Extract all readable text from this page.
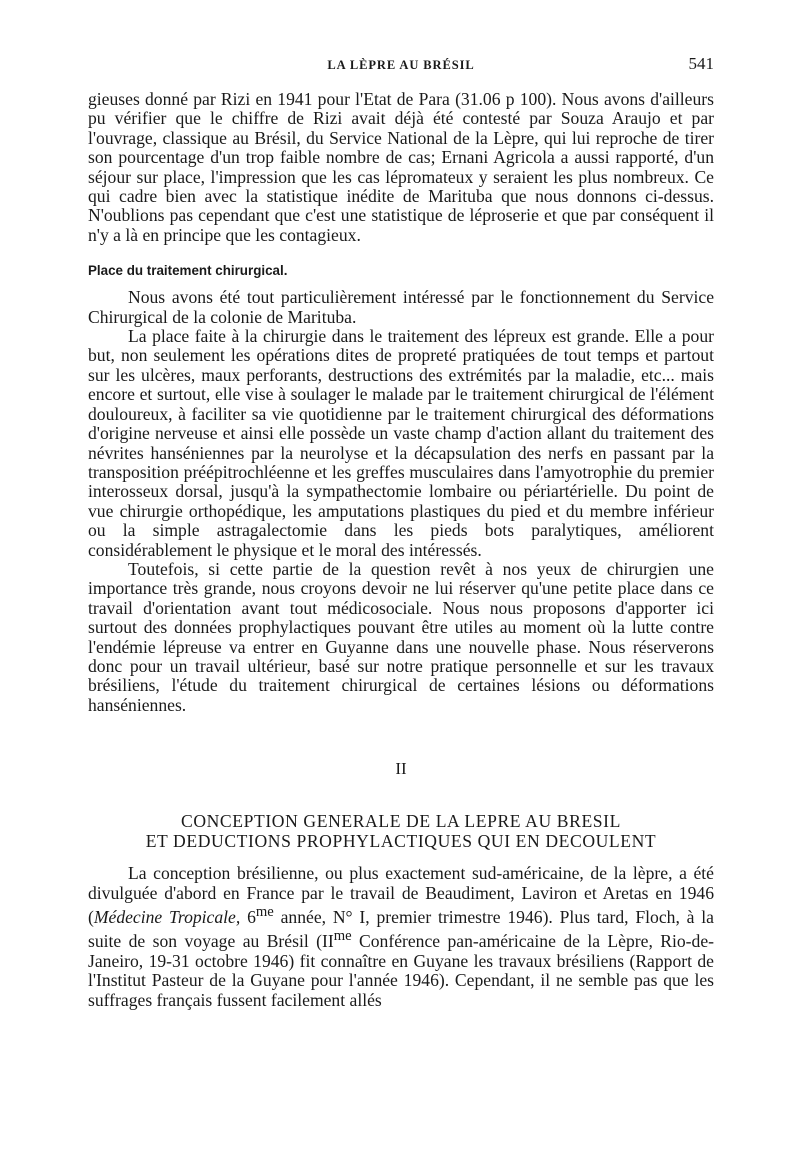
LA LÈPRE AU BRÉSIL	541

gieuses donné par Rizi en 1941 pour l'Etat de Para (31.06 p 100). Nous avons d'ailleurs pu vérifier que le chiffre de Rizi avait déjà été contesté par Souza Araujo et par l'ouvrage, classique au Brésil, du Service National de la Lèpre, qui lui reproche de tirer son pourcentage d'un trop faible nombre de cas; Ernani Agricola a aussi rapporté, d'un séjour sur place, l'impression que les cas lépromateux y seraient les plus nombreux. Ce qui cadre bien avec la statistique inédite de Marituba que nous donnons ci-dessus. N'oublions pas cependant que c'est une statistique de léproserie et que par conséquent il n'y a là en principe que les contagieux.

Place du traitement chirurgical.

Nous avons été tout particulièrement intéressé par le fonctionnement du Service Chirurgical de la colonie de Marituba.

La place faite à la chirurgie dans le traitement des lépreux est grande. Elle a pour but, non seulement les opérations dites de propreté pratiquées de tout temps et partout sur les ulcères, maux perforants, destructions des extrémités par la maladie, etc... mais encore et surtout, elle vise à soulager le malade par le traitement chirurgical de l'élément douloureux, à faciliter sa vie quotidienne par le traitement chirurgical des déformations d'origine nerveuse et ainsi elle possède un vaste champ d'action allant du traitement des névrites hanséniennes par la neurolyse et la décapsulation des nerfs en passant par la transposition préépitrochléenne et les greffes musculaires dans l'amyotrophie du premier interosseux dorsal, jusqu'à la sympathectomie lombaire ou périartérielle. Du point de vue chirurgie orthopédique, les amputations plastiques du pied et du membre inférieur ou la simple astragalectomie dans les pieds bots paralytiques, améliorent considérablement le physique et le moral des intéressés.

Toutefois, si cette partie de la question revêt à nos yeux de chirurgien une importance très grande, nous croyons devoir ne lui réserver qu'une petite place dans ce travail d'orientation avant tout médicosociale. Nous nous proposons d'apporter ici surtout des données prophylactiques pouvant être utiles au moment où la lutte contre l'endémie lépreuse va entrer en Guyanne dans une nouvelle phase. Nous réserverons donc pour un travail ultérieur, basé sur notre pratique personnelle et sur les travaux brésiliens, l'étude du traitement chirurgical de certaines lésions ou déformations hanséniennes.

II
CONCEPTION GENERALE DE LA LEPRE AU BRESIL
ET DEDUCTIONS PROPHYLACTIQUES QUI EN DECOULENT

La conception brésilienne, ou plus exactement sud-américaine, de la lèpre, a été divulguée d'abord en France par le travail de Beaudiment, Laviron et Aretas en 1946 (Médecine Tropicale, $6^{me}$ année, N° I, premier trimestre 1946). Plus tard, Floch, à la suite de son voyage au Brésil ($II^{me}$ Conférence pan-américaine de la Lèpre, Rio-de-Janeiro, 19-31 octobre 1946) fit connaître en Guyane les travaux brésiliens (Rapport de l'Institut Pasteur de la Guyane pour l'année 1946). Cependant, il ne semble pas que les suffrages français fussent facilement allés
